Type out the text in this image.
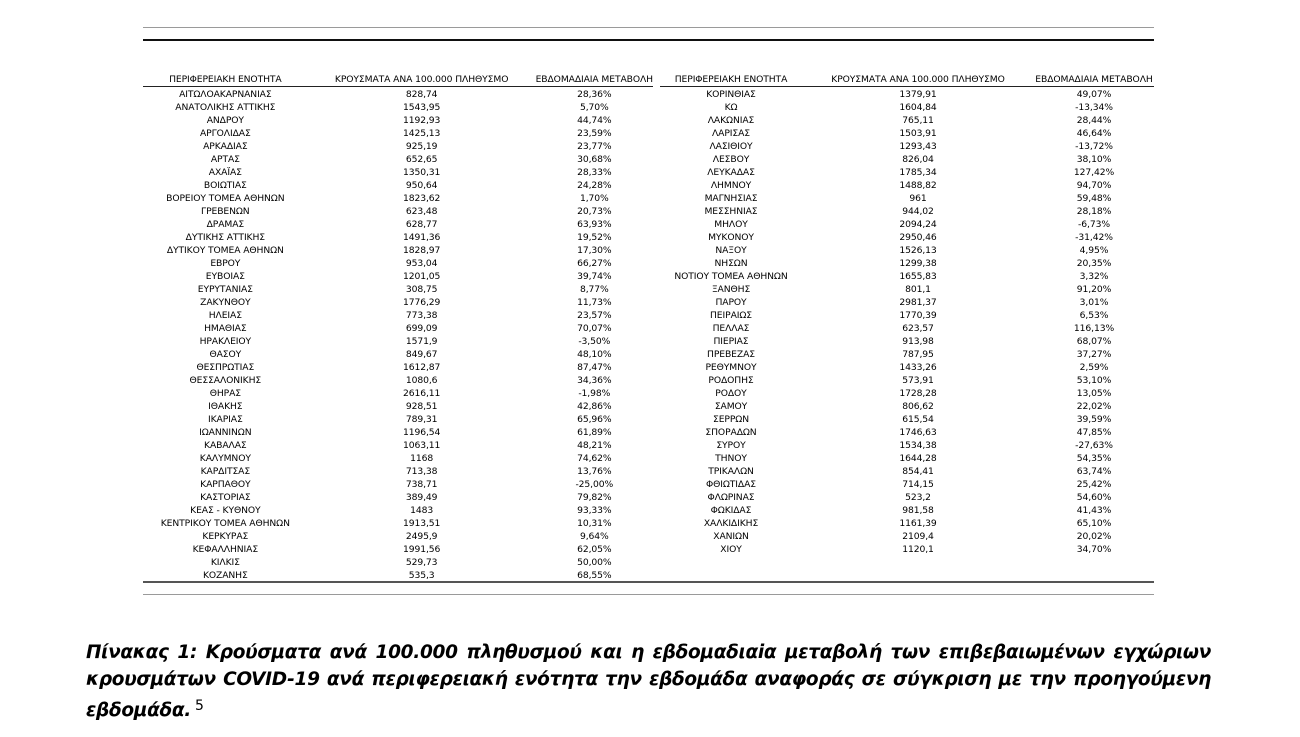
ΠΕΡΙΦΕΡΕΙΑΚΗ ΕΝΟΤΗΤΑ	ΚΡΟΥΣΜΑΤΑ ΑΝΑ 100.000 ΠΛΗΘΥΣΜΟ	ΕΒΔΟΜΑΔΙΑΙΑ ΜΕΤΑΒΟΛΗ
ΑΙΤΩΛΟΑΚΑΡΝΑΝΙΑΣ	828,74	28,36%
ΑΝΑΤΟΛΙΚΗΣ ΑΤΤΙΚΗΣ	1543,95	5,70%
ΑΝΔΡΟΥ	1192,93	44,74%
ΑΡΓΟΛΙΔΑΣ	1425,13	23,59%
ΑΡΚΑΔΙΑΣ	925,19	23,77%
ΑΡΤΑΣ	652,65	30,68%
ΑΧΑΪΑΣ	1350,31	28,33%
ΒΟΙΩΤΙΑΣ	950,64	24,28%
ΒΟΡΕΙΟΥ ΤΟΜΕΑ ΑΘΗΝΩΝ	1823,62	1,70%
ΓΡΕΒΕΝΩΝ	623,48	20,73%
ΔΡΑΜΑΣ	628,77	63,93%
ΔΥΤΙΚΗΣ ΑΤΤΙΚΗΣ	1491,36	19,52%
ΔΥΤΙΚΟΥ ΤΟΜΕΑ ΑΘΗΝΩΝ	1828,97	17,30%
ΕΒΡΟΥ	953,04	66,27%
ΕΥΒΟΙΑΣ	1201,05	39,74%
ΕΥΡΥΤΑΝΙΑΣ	308,75	8,77%
ΖΑΚΥΝΘΟΥ	1776,29	11,73%
ΗΛΕΙΑΣ	773,38	23,57%
ΗΜΑΘΙΑΣ	699,09	70,07%
ΗΡΑΚΛΕΙΟΥ	1571,9	-3,50%
ΘΑΣΟΥ	849,67	48,10%
ΘΕΣΠΡΩΤΙΑΣ	1612,87	87,47%
ΘΕΣΣΑΛΟΝΙΚΗΣ	1080,6	34,36%
ΘΗΡΑΣ	2616,11	-1,98%
ΙΘΑΚΗΣ	928,51	42,86%
ΙΚΑΡΙΑΣ	789,31	65,96%
ΙΩΑΝΝΙΝΩΝ	1196,54	61,89%
ΚΑΒΑΛΑΣ	1063,11	48,21%
ΚΑΛΥΜΝΟΥ	1168	74,62%
ΚΑΡΔΙΤΣΑΣ	713,38	13,76%
ΚΑΡΠΑΘΟΥ	738,71	-25,00%
ΚΑΣΤΟΡΙΑΣ	389,49	79,82%
ΚΕΑΣ - ΚΥΘΝΟΥ	1483	93,33%
ΚΕΝΤΡΙΚΟΥ ΤΟΜΕΑ ΑΘΗΝΩΝ	1913,51	10,31%
ΚΕΡΚΥΡΑΣ	2495,9	9,64%
ΚΕΦΑΛΛΗΝΙΑΣ	1991,56	62,05%
ΚΙΛΚΙΣ	529,73	50,00%
ΚΟΖΑΝΗΣ	535,3	68,55%
ΠΕΡΙΦΕΡΕΙΑΚΗ ΕΝΟΤΗΤΑ	ΚΡΟΥΣΜΑΤΑ ΑΝΑ 100.000 ΠΛΗΘΥΣΜΟ	ΕΒΔΟΜΑΔΙΑΙΑ ΜΕΤΑΒΟΛΗ
ΚΟΡΙΝΘΙΑΣ	1379,91	49,07%
ΚΩ	1604,84	-13,34%
ΛΑΚΩΝΙΑΣ	765,11	28,44%
ΛΑΡΙΣΑΣ	1503,91	46,64%
ΛΑΣΙΘΙΟΥ	1293,43	-13,72%
ΛΕΣΒΟΥ	826,04	38,10%
ΛΕΥΚΑΔΑΣ	1785,34	127,42%
ΛΗΜΝΟΥ	1488,82	94,70%
ΜΑΓΝΗΣΙΑΣ	961	59,48%
ΜΕΣΣΗΝΙΑΣ	944,02	28,18%
ΜΗΛΟΥ	2094,24	-6,73%
ΜΥΚΟΝΟΥ	2950,46	-31,42%
ΝΑΞΟΥ	1526,13	4,95%
ΝΗΣΩΝ	1299,38	20,35%
ΝΟΤΙΟΥ ΤΟΜΕΑ ΑΘΗΝΩΝ	1655,83	3,32%
ΞΑΝΘΗΣ	801,1	91,20%
ΠΑΡΟΥ	2981,37	3,01%
ΠΕΙΡΑΙΩΣ	1770,39	6,53%
ΠΕΛΛΑΣ	623,57	116,13%
ΠΙΕΡΙΑΣ	913,98	68,07%
ΠΡΕΒΕΖΑΣ	787,95	37,27%
ΡΕΘΥΜΝΟΥ	1433,26	2,59%
ΡΟΔΟΠΗΣ	573,91	53,10%
ΡΟΔΟΥ	1728,28	13,05%
ΣΑΜΟΥ	806,62	22,02%
ΣΕΡΡΩΝ	615,54	39,59%
ΣΠΟΡΑΔΩΝ	1746,63	47,85%
ΣΥΡΟΥ	1534,38	-27,63%
ΤΗΝΟΥ	1644,28	54,35%
ΤΡΙΚΑΛΩΝ	854,41	63,74%
ΦΘΙΩΤΙΔΑΣ	714,15	25,42%
ΦΛΩΡΙΝΑΣ	523,2	54,60%
ΦΩΚΙΔΑΣ	981,58	41,43%
ΧΑΛΚΙΔΙΚΗΣ	1161,39	65,10%
ΧΑΝΙΩΝ	2109,4	20,02%
ΧΙΟΥ	1120,1	34,70%
Πίνακας 1: Κρούσματα ανά 100.000 πληθυσμού και η εβδομαδιαiα μεταβολή των επιβεβαιωμένων εγχώριων
κρουσμάτων COVID-19 ανά περιφερειακή ενότητα την εβδομάδα αναφοράς σε σύγκριση με την προηγούμενη
εβδομάδα. $^5$
